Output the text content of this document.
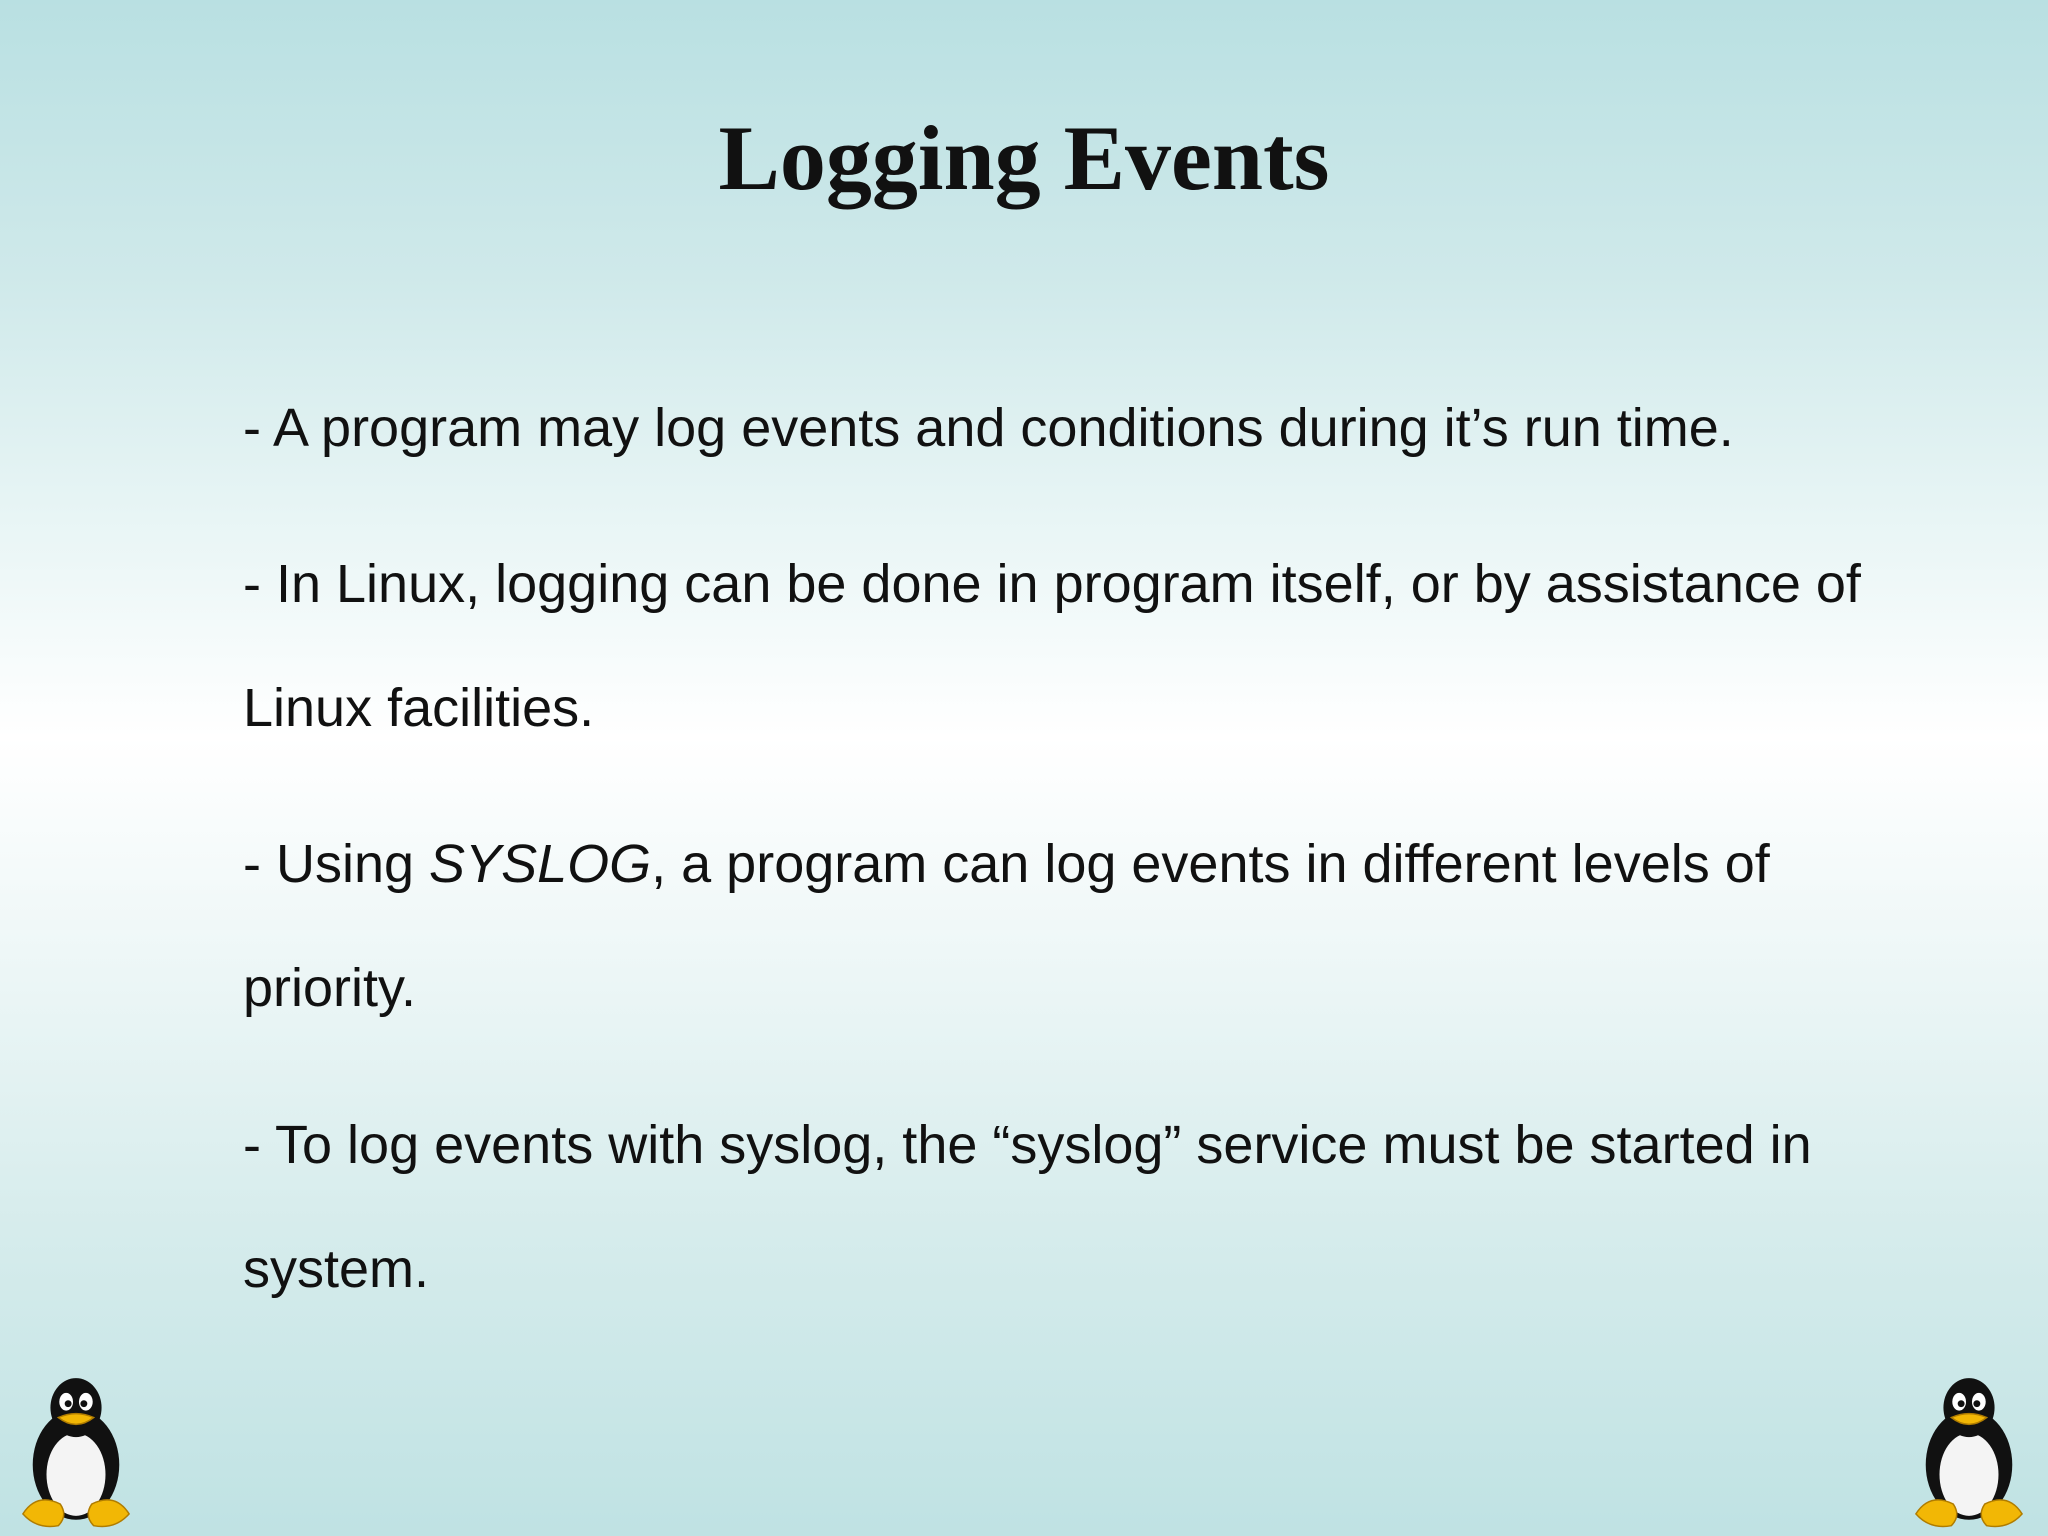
Logging Events

- A program may log events and conditions during it’s run time.

- In Linux, logging can be done in program itself, or by assistance of Linux facilities.

- Using SYSLOG, a program can log events in different levels of priority.

- To log events with syslog, the “syslog” service must be started in system.
